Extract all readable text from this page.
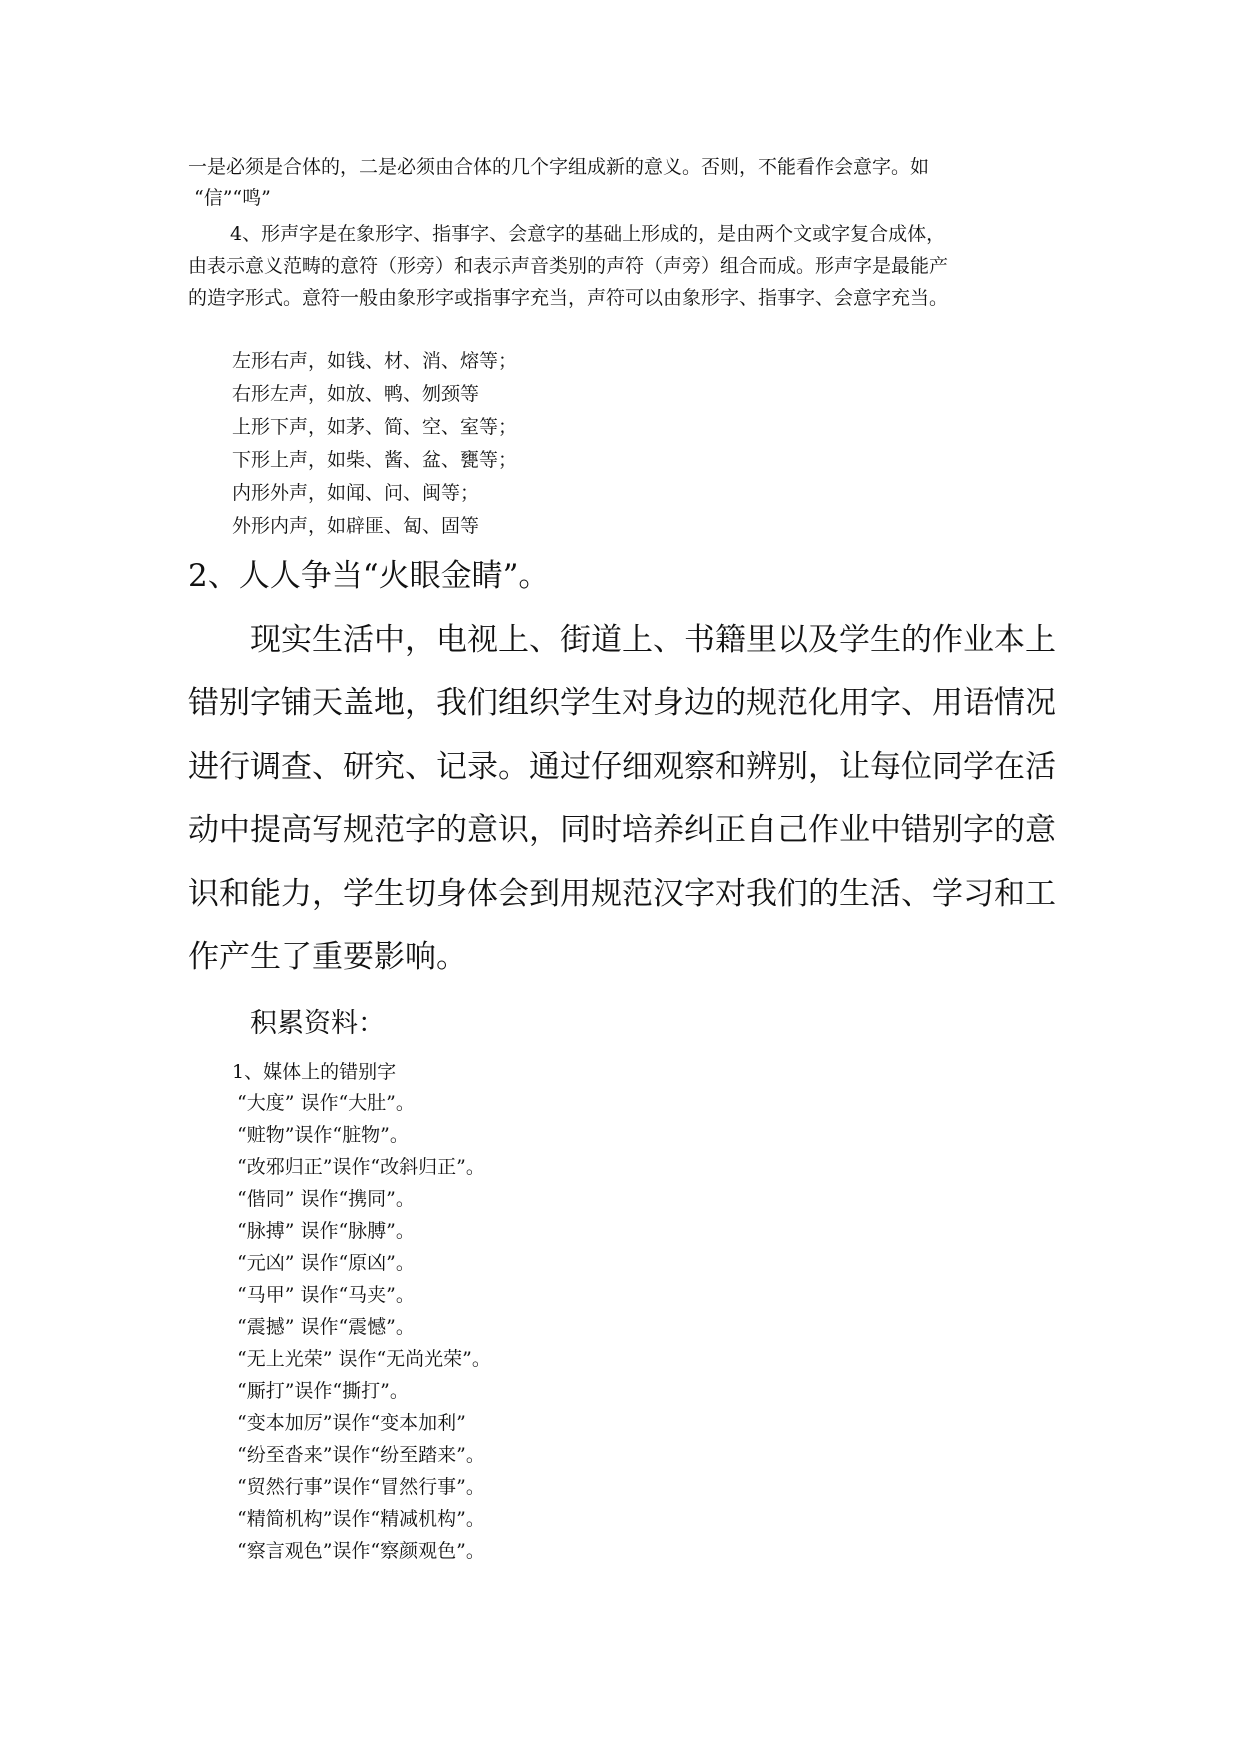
一是必须是合体的，二是必须由合体的几个字组成新的意义。否则，不能看作会意字。如
“信”“鸣”
4、形声字是在象形字、指事字、会意字的基础上形成的，是由两个文或字复合成体，
由表示意义范畴的意符（形旁）和表示声音类别的声符（声旁）组合而成。形声字是最能产
的造字形式。意符一般由象形字或指事字充当，声符可以由象形字、指事字、会意字充当。
左形右声，如钱、材、消、熔等；
右形左声，如放、鸭、刎颈等
上形下声，如茅、简、空、室等；
下形上声，如柴、酱、盆、甕等；
内形外声，如闻、问、闽等；
外形内声，如辟匪、匐、固等
2、人人争当“火眼金睛”。
现实生活中，电视上、街道上、书籍里以及学生的作业本上
错别字铺天盖地，我们组织学生对身边的规范化用字、用语情况
进行调查、研究、记录。通过仔细观察和辨别，让每位同学在活
动中提高写规范字的意识，同时培养纠正自己作业中错别字的意
识和能力，学生切身体会到用规范汉字对我们的生活、学习和工
作产生了重要影响。
积累资料：
1、媒体上的错别字
“大度” 误作“大肚”。
“赃物”误作“脏物”。
“改邪归正”误作“改斜归正”。
“偕同” 误作“携同”。
“脉搏” 误作“脉膊”。
“元凶” 误作“原凶”。
“马甲” 误作“马夹”。
“震撼” 误作“震憾”。
“无上光荣” 误作“无尚光荣”。
“厮打”误作“撕打”。
“变本加厉”误作“变本加利”
“纷至沓来”误作“纷至踏来”。
“贸然行事”误作“冒然行事”。
“精简机构”误作“精减机构”。
“察言观色”误作“察颜观色”。
